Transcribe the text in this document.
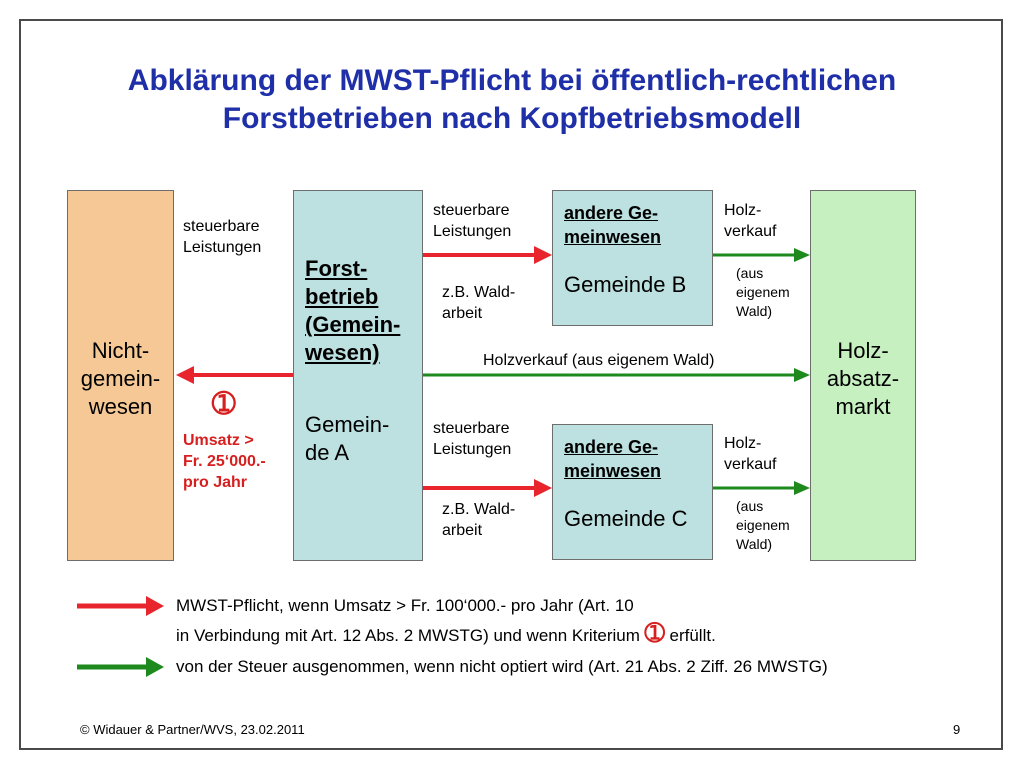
Abklärung der MWST-Pflicht bei öffentlich-rechtlichen
Forstbetrieben nach Kopfbetriebsmodell
Nicht-
gemein-
wesen
Forst-
betrieb
(Gemein-
wesen)
Gemein-
de A
andere Ge-
meinwesen
Gemeinde B
andere Ge-
meinwesen
Gemeinde C
Holz-
absatz-
markt
steuerbare
Leistungen
steuerbare
Leistungen
z.B. Wald-
arbeit
steuerbare
Leistungen
z.B. Wald-
arbeit
Holz-
verkauf
(aus
eigenem
Wald)
Holz-
verkauf
(aus
eigenem
Wald)
Holzverkauf (aus eigenem Wald)
➀
Umsatz >
Fr. 25‘000.-
pro Jahr
MWST-Pflicht, wenn Umsatz > Fr. 100‘000.- pro Jahr (Art. 10
in Verbindung mit Art. 12 Abs. 2 MWSTG) und wenn Kriterium ➀ erfüllt.
von der Steuer ausgenommen, wenn nicht optiert wird (Art. 21 Abs. 2 Ziff. 26 MWSTG)
© Widauer & Partner/WVS, 23.02.2011	9
